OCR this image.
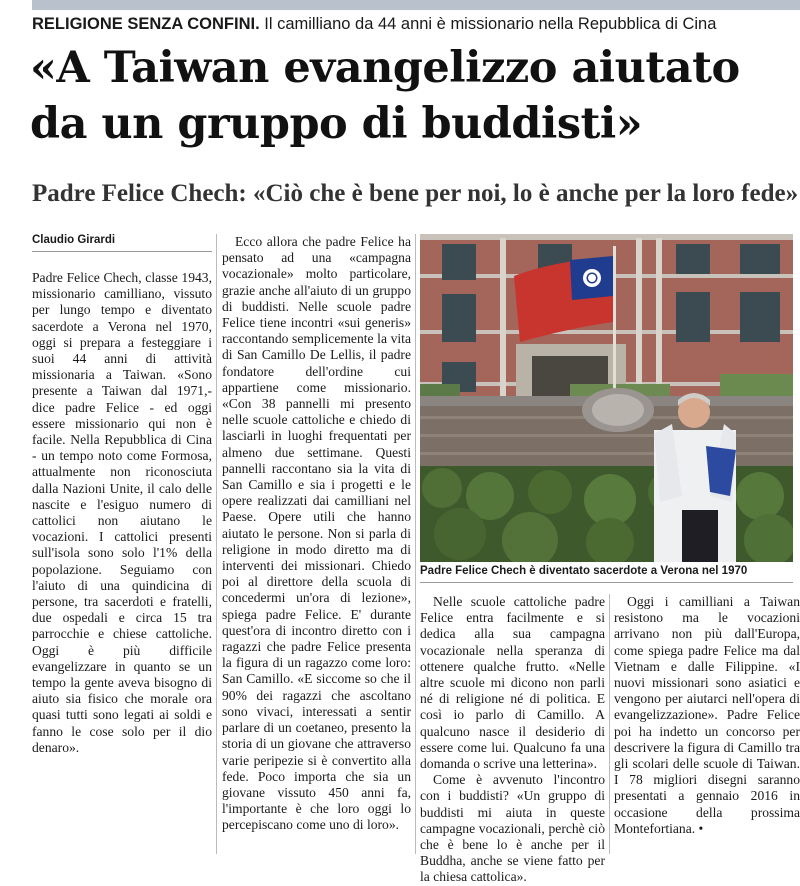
RELIGIONE SENZA CONFINI. Il camilliano da 44 anni è missionario nella Repubblica di Cina
«A Taiwan evangelizzo aiutato
da un gruppo di buddisti»
Padre Felice Chech: «Ciò che è bene per noi, lo è anche per la loro fede»
Claudio Girardi

Padre Felice Chech, classe 1943, missionario camilliano, vissuto per lungo tempo e diventato sacerdote a Verona nel 1970, oggi si prepara a festeggiare i suoi 44 anni di attività missionaria a Taiwan. «Sono presente a Taiwan dal 1971,- dice padre Felice - ed oggi essere missionario qui non è facile. Nella Repubblica di Cina - un tempo noto come Formosa, attualmente non riconosciuta dalla Nazioni Unite, il calo delle nascite e l'esiguo numero di cattolici non aiutano le vocazioni. I cattolici presenti sull'isola sono solo l'1% della popolazione. Seguiamo con l'aiuto di una quindicina di persone, tra sacerdoti e fratelli, due ospedali e circa 15 tra parrocchie e chiese cattoliche. Oggi è più difficile evangelizzare in quanto se un tempo la gente aveva bisogno di aiuto sia fisico che morale ora quasi tutti sono legati ai soldi e fanno le cose solo per il dio denaro».

Ecco allora che padre Felice ha pensato ad una «campagna vocazionale» molto particolare, grazie anche all'aiuto di un gruppo di buddisti. Nelle scuole padre Felice tiene incontri «sui generis» raccontando semplicemente la vita di San Camillo De Lellis, il padre fondatore dell'ordine cui appartiene come missionario. «Con 38 pannelli mi presento nelle scuole cattoliche e chiedo di lasciarli in luoghi frequentati per almeno due settimane. Questi pannelli raccontano sia la vita di San Camillo e sia i progetti e le opere realizzati dai camilliani nel Paese. Opere utili che hanno aiutato le persone. Non si parla di religione in modo diretto ma di interventi dei missionari. Chiedo poi al direttore della scuola di concedermi un'ora di lezione», spiega padre Felice. E' durante quest'ora di incontro diretto con i ragazzi che padre Felice presenta la figura di un ragazzo come loro: San Camillo. «E siccome so che il 90% dei ragazzi che ascoltano sono vivaci, interessati a sentir parlare di un coetaneo, presento la storia di un giovane che attraverso varie peripezie si è convertito alla fede. Poco importa che sia un giovane vissuto 450 anni fa, l'importante è che loro oggi lo percepiscano come uno di loro».

Padre Felice Chech è diventato sacerdote a Verona nel 1970

Nelle scuole cattoliche padre Felice entra facilmente e si dedica alla sua campagna vocazionale nella speranza di ottenere qualche frutto. «Nelle altre scuole mi dicono non parli né di religione né di politica. E così io parlo di Camillo. A qualcuno nasce il desiderio di essere come lui. Qualcuno fa una domanda o scrive una letterina».

Come è avvenuto l'incontro con i buddisti? «Un gruppo di buddisti mi aiuta in queste campagne vocazionali, perchè ciò che è bene lo è anche per il Buddha, anche se viene fatto per la chiesa cattolica».

Oggi i camilliani a Taiwan resistono ma le vocazioni arrivano non più dall'Europa, come spiega padre Felice ma dal Vietnam e dalle Filippine. «I nuovi missionari sono asiatici e vengono per aiutarci nell'opera di evangelizzazione». Padre Felice poi ha indetto un concorso per descrivere la figura di Camillo tra gli scolari delle scuole di Taiwan. I 78 migliori disegni saranno presentati a gennaio 2016 in occasione della prossima Montefortiana. •
